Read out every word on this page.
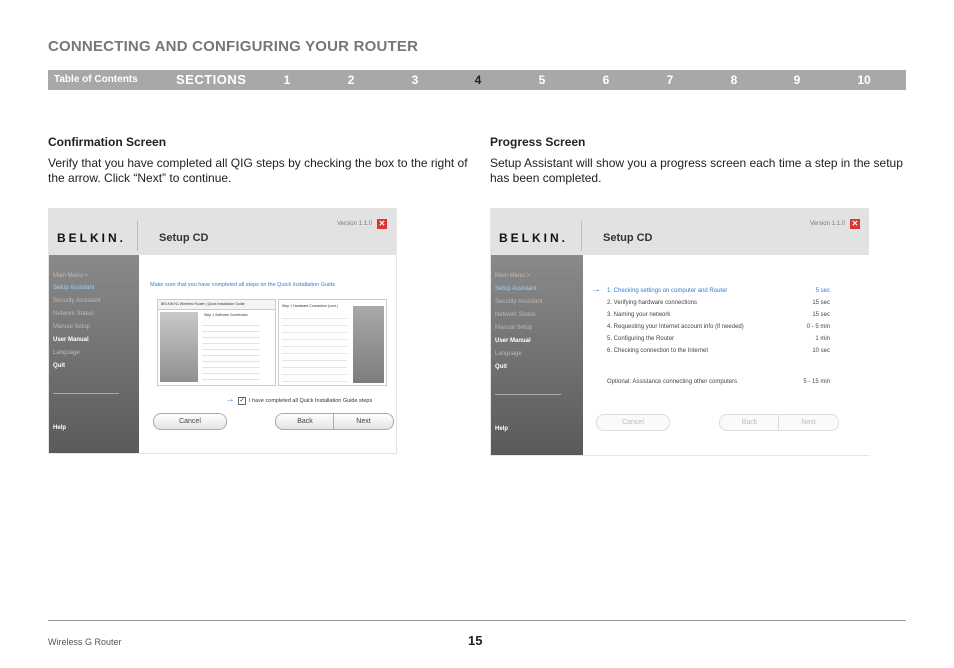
CONNECTING AND CONFIGURING YOUR ROUTER
Table of Contents	SECTIONS	1	2	3	4	5	6	7	8	9	10
Confirmation Screen
Verify that you have completed all QIG steps by checking the box to the right of the arrow. Click “Next” to continue.
Progress Screen
Setup Assistant will show you a progress screen each time a step in the setup has been completed.
BELKIN.	Setup CD
Version 1.1.0 ✕
Main Menu >
Setup Assistant
Security Assistant
Network Status
Manual Setup
User Manual
Language
Quit
Help
Make sure that you have completed all steps on the Quick Installation Guide
BELKIN N1 Wireless Router | Quick Installation Guide
Step 1 Software Connection
Step 1 Hardware Connection (cont.)
→ ✓ I have completed all Quick Installation Guide steps
Cancel	Back	Next
BELKIN.	Setup CD
Version 1.1.0 ✕
Main Menu >
Setup Assistant
Security Assistant
Network Status
Manual Setup
User Manual
Language
Quit
Help
→ 1. Checking settings on computer and Router	5 sec
2. Verifying hardware connections	15 sec
3. Naming your network	15 sec
4. Requesting your Internet account info (if needed)	0 - 5 min
5. Configuring the Router	1 min
6. Checking connection to the Internet	10 sec
Optional: Assistance connecting other computers	5 - 15 min
Cancel	Back	Next
Wireless G Router	15
